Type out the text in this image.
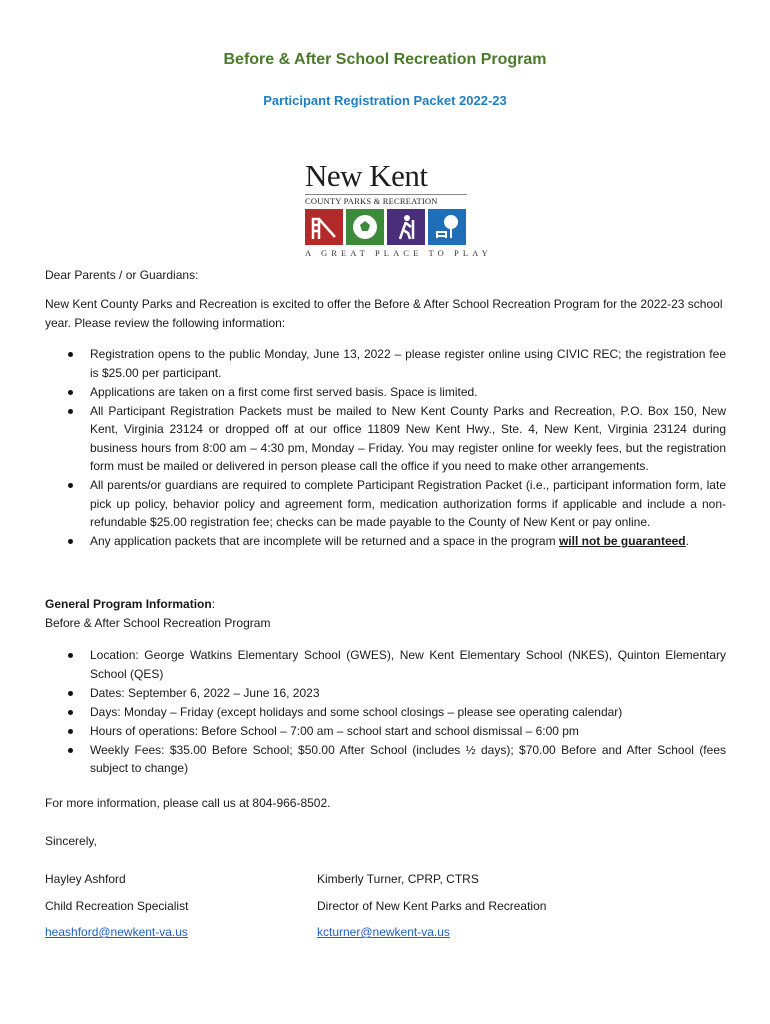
Before & After School Recreation Program
Participant Registration Packet 2022-23
New Kent
COUNTY PARKS & RECREATION
A GREAT PLACE TO PLAY
Dear Parents / or Guardians:
New Kent County Parks and Recreation is excited to offer the Before & After School Recreation Program for the 2022-23 school year. Please review the following information:
Registration opens to the public Monday, June 13, 2022 – please register online using CIVIC REC; the registration fee is $25.00 per participant.
Applications are taken on a first come first served basis. Space is limited.
All Participant Registration Packets must be mailed to New Kent County Parks and Recreation, P.O. Box 150, New Kent, Virginia 23124 or dropped off at our office 11809 New Kent Hwy., Ste. 4, New Kent, Virginia 23124 during business hours from 8:00 am – 4:30 pm, Monday – Friday. You may register online for weekly fees, but the registration form must be mailed or delivered in person please call the office if you need to make other arrangements.
All parents/or guardians are required to complete Participant Registration Packet (i.e., participant information form, late pick up policy, behavior policy and agreement form, medication authorization forms if applicable and include a non-refundable $25.00 registration fee; checks can be made payable to the County of New Kent or pay online.
Any application packets that are incomplete will be returned and a space in the program will not be guaranteed.
General Program Information:
Before & After School Recreation Program
Location: George Watkins Elementary School (GWES), New Kent Elementary School (NKES), Quinton Elementary School (QES)
Dates: September 6, 2022 – June 16, 2023
Days: Monday – Friday (except holidays and some school closings – please see operating calendar)
Hours of operations: Before School – 7:00 am – school start and school dismissal – 6:00 pm
Weekly Fees: $35.00 Before School; $50.00 After School (includes ½ days); $70.00 Before and After School (fees subject to change)
For more information, please call us at 804-966-8502.
Sincerely,
Hayley Ashford
Child Recreation Specialist
heashford@newkent-va.us
Kimberly Turner, CPRP, CTRS
Director of New Kent Parks and Recreation
kcturner@newkent-va.us
